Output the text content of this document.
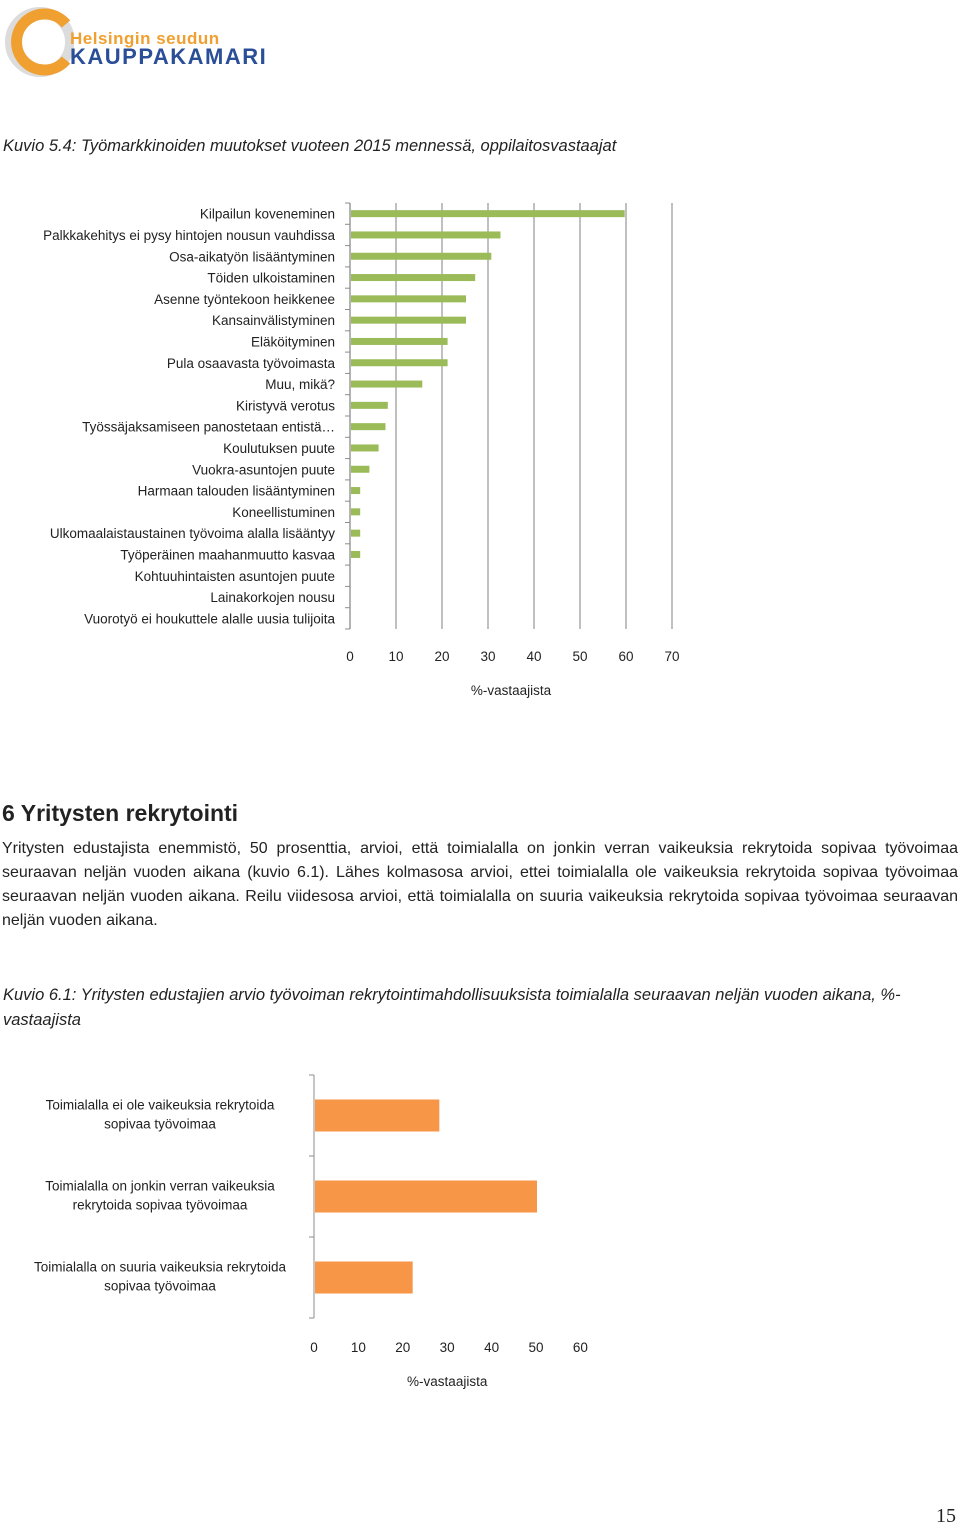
Helsingin seudun
KAUPPAKAMARI
Kuvio 5.4: Työmarkkinoiden muutokset vuoteen 2015 mennessä, oppilaitosvastaajat
Kilpailun koveneminen
Palkkakehitys ei pysy hintojen nousun vauhdissa
Osa-aikatyön lisääntyminen
Töiden ulkoistaminen
Asenne työntekoon heikkenee
Kansainvälistyminen
Eläköityminen
Pula osaavasta työvoimasta
Muu, mikä?
Kiristyvä verotus
Työssäjaksamiseen panostetaan entistä…
Koulutuksen puute
Vuokra-asuntojen puute
Harmaan talouden lisääntyminen
Koneellistuminen
Ulkomaalaistaustainen työvoima alalla lisääntyy
Työperäinen maahanmuutto kasvaa
Kohtuuhintaisten asuntojen puute
Lainakorkojen nousu
Vuorotyö ei houkuttele alalle uusia tulijoita
0	10 20 30 40 50 60 70
%-vastaajista
6 Yritysten rekrytointi

Yritysten edustajista enemmistö, 50 prosenttia, arvioi, että toimialalla on jonkin verran vaikeuksia rekrytoida sopivaa työvoimaa seuraavan neljän vuoden aikana (kuvio 6.1). Lähes kolmasosa arvioi, ettei toimialalla ole vaikeuksia rekrytoida sopivaa työvoimaa seuraavan neljän vuoden aikana. Reilu viidesosa arvioi, että toimialalla on suuria vaikeuksia rekrytoida sopivaa työvoimaa seuraavan neljän vuoden aikana.

Kuvio 6.1: Yritysten edustajien arvio työvoiman rekrytointimahdollisuuksista toimialalla seuraavan neljän vuoden aikana, %-vastaajista
Toimialalla ei ole vaikeuksia rekrytoida
sopivaa työvoimaa
Toimialalla on jonkin verran vaikeuksia
rekrytoida sopivaa työvoimaa
Toimialalla on suuria vaikeuksia rekrytoida
sopivaa työvoimaa
0 10 20 30 40 50 60
%-vastaajista
15
